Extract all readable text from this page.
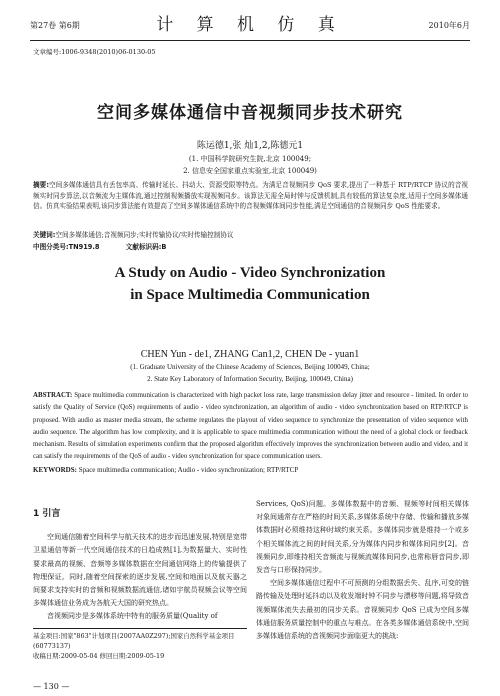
第27卷 第6期	计 算 机 仿 真	2010年6月
文章编号:1006-9348(2010)06-0130-05
空间多媒体通信中音视频同步技术研究
陈运德1,张 灿1,2,陈德元1
(1. 中国科学院研究生院,北京 100049;
2. 信息安全国家重点实验室,北京 100049)
摘要:空间多媒体通信具有丢包率高、传输时延长、抖动大、资源受限等特点。为满足音视频同步 QoS 要求,提出了一种基于 RTP/RTCP 协议的音视频实时同步算法,以音频流为主媒体流,通过控制视频播放实现视频同步。该算法无需全局时钟与反馈机制,具有较低的算法复杂度,适用于空间多媒体通信。仿真实验结果表明,该同步算法能有效提高了空间多媒体通信系统中的音视频媒体间同步性能,满足空间通信的音视频同步 QoS 性能要求。
关键词:空间多媒体通信;音视频同步;实时传输协议/实时传输控制协议
中图分类号:TN919.8	文献标识码:B
A Study on Audio - Video Synchronization
in Space Multimedia Communication
CHEN Yun - de1, ZHANG Can1,2, CHEN De - yuan1
(1. Graduate University of the Chinese Academy of Sciences, Beijing 100049, China;
2. State Key Laboratory of Information Security, Beijing, 100049, China)
ABSTRACT: Space multimedia communication is characterized with high packet loss rate, large transmission delay jitter and resource - limited. In order to satisfy the Quality of Service (QoS) requirements of audio - video synchronization, an algorithm of audio - video synchronization based on RTP/RTCP is proposed. With audio as master media stream, the scheme regulates the playout of video sequence to synchronize the presentation of video sequence with audio sequence. The algorithm has low complexity, and it is applicable to space multimedia communication without the need of a global clock or feedback mechanism. Results of simulation experiments confirm that the proposed algorithm effectively improves the synchronization between audio and video, and it can satisfy the requirements of the QoS of audio - video synchronization for space communication users.
KEYWORDS: Space multimedia communication; Audio - video synchronization; RTP/RTCP
1 引言

空间通信随着空间科学与航天技术的进步而迅速发展,特别是宽带卫星通信等新一代空间通信技术的日趋成熟[1],为数据量大、实时性要求最高的视频、音频等多媒体数据在空间通信网络上的传输提供了物理保证。同时,随着空间探索的逐步发展,空间和地面以及航天器之间要求支持实时的音频和视频数据流通信,诸如宇航员视频会议等空间多媒体通信业务成为各航天大国的研究热点。

音视频同步是多媒体系统中特有的服务质量(Quality of

基金项目:国家"863"计划项目(2007AA0Z297);国家自然科学基金项目(60773137)
收稿日期:2009-05-04 修回日期:2009-05-19
— 130 —

Services, QoS)问题。多媒体数据中的音频、视频等时间相关媒体对象间通常存在严格的时间关系,多媒体系统中存储、传输和播放多媒体数据时必须维持这种时域约束关系。多媒体同步就是维持一个或多个相关媒体流之间的时间关系,分为媒体内同步和媒体间同步[2]。音视频同步,即维持相关音频流与视频流媒体间同步,也常称唇音同步,即发音与口形保持同步。

空间多媒体通信过程中不可预测的分组数据丢失、乱序,可变的链路传输及处理时延抖动以及收发端时钟不同步与漂移等问题,将导致音视频媒体流失去最初的同步关系。音视频同步 QoS 已成为空间多媒体通信服务质量控制中的重点与难点。在各类多媒体通信系统中,空间多媒体通信系统的音视频同步面临更大的挑战:
